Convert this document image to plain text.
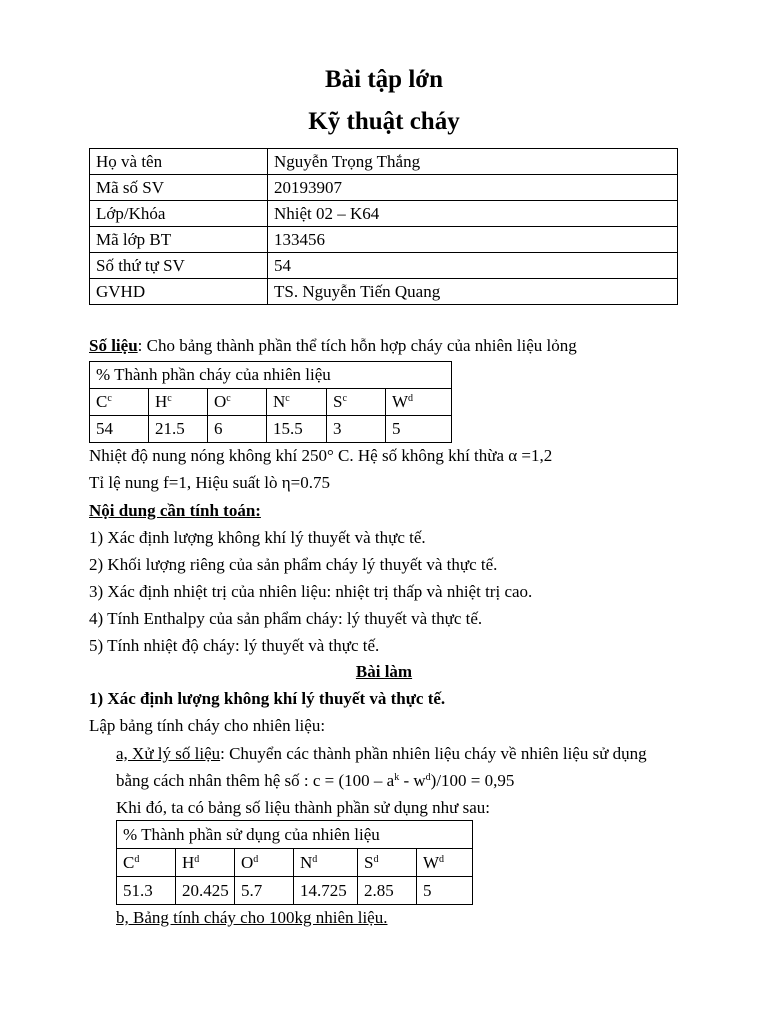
Bài tập lớn
Kỹ thuật cháy
Họ và tên	Nguyễn Trọng Thắng
Mã số SV	20193907
Lớp/Khóa	Nhiệt 02 – K64
Mã lớp BT	133456
Số thứ tự SV	54
GVHD	TS. Nguyễn Tiến Quang
Số liệu: Cho bảng thành phần thể tích hỗn hợp cháy của nhiên liệu lỏng
% Thành phần cháy của nhiên liệu					
$C^c$	$H^c$	$O^c$	$N^c$	$S^c$	$W^d$
54	21.5	6	15.5	3	5
Nhiệt độ nung nóng không khí 250° C. Hệ số không khí thừa α =1,2
Tỉ lệ nung f=1, Hiệu suất lò η=0.75
Nội dung cần tính toán:
1) Xác định lượng không khí lý thuyết và thực tế.
2) Khối lượng riêng của sản phẩm cháy lý thuyết và thực tế.
3) Xác định nhiệt trị của nhiên liệu: nhiệt trị thấp và nhiệt trị cao.
4) Tính Enthalpy của sản phẩm cháy: lý thuyết và thực tế.
5) Tính nhiệt độ cháy: lý thuyết và thực tế.
Bài làm
1) Xác định lượng không khí lý thuyết và thực tế.
Lập bảng tính cháy cho nhiên liệu:
a, Xử lý số liệu: Chuyển các thành phần nhiên liệu cháy về nhiên liệu sử dụng
bằng cách nhân thêm hệ số : $c = (100 - a^k - w^d)/100 = 0,95$
Khi đó, ta có bảng số liệu thành phần sử dụng như sau:
% Thành phần sử dụng của nhiên liệu					
$C^d$	$H^d$	$O^d$	$N^d$	$S^d$	$W^d$
51.3	20.425	5.7	14.725	2.85	5
b, Bảng tính cháy cho 100kg nhiên liệu.
